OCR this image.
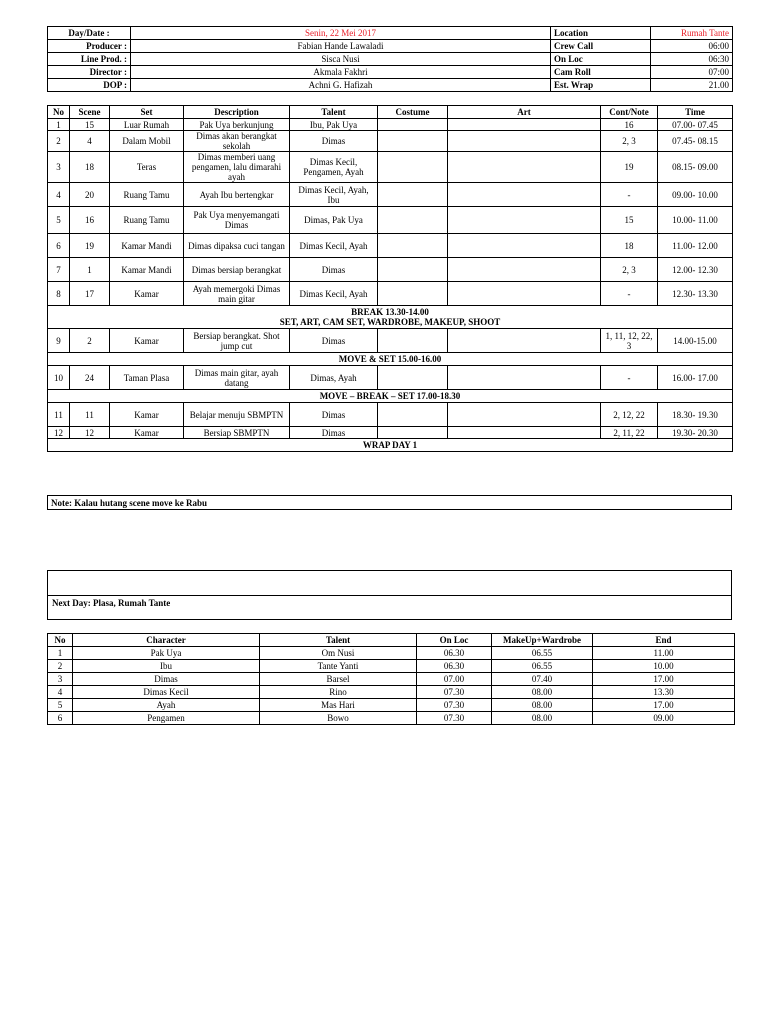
Day/Date :	Senin, 22 Mei 2017	Location	Rumah Tante
Producer :	Fabian Hande Lawaladi	Crew Call	06:00
Line Prod. :	Sisca Nusi	On Loc	06:30
Director :	Akmala Fakhri	Cam Roll	07:00
DOP :	Achni G. Hafizah	Est. Wrap	21.00
No	Scene	Set	Description	Talent	Costume	Art	Cont/Note	Time
1	15	Luar Rumah	Pak Uya berkunjung	Ibu, Pak Uya			16	07.00- 07.45
2	4	Dalam Mobil	Dimas akan berangkat sekolah	Dimas			2, 3	07.45- 08.15
3	18	Teras	Dimas memberi uang pengamen, lalu dimarahi ayah	Dimas Kecil, Pengamen, Ayah			19	08.15- 09.00
4	20	Ruang Tamu	Ayah Ibu bertengkar	Dimas Kecil, Ayah, Ibu			-	09.00- 10.00
5	16	Ruang Tamu	Pak Uya menyemangati Dimas	Dimas, Pak Uya			15	10.00- 11.00
6	19	Kamar Mandi	Dimas dipaksa cuci tangan	Dimas Kecil, Ayah			18	11.00- 12.00
7	1	Kamar Mandi	Dimas bersiap berangkat	Dimas			2, 3	12.00- 12.30
8	17	Kamar	Ayah memergoki Dimas main gitar	Dimas Kecil, Ayah			-	12.30- 13.30

BREAK 13.30-14.00
SET, ART, CAM SET, WARDROBE, MAKEUP, SHOOT								

9	2	Kamar	Bersiap berangkat. Shot jump cut	Dimas			1, 11, 12, 22, 3	14.00-15.00
MOVE & SET 15.00-16.00								
10	24	Taman Plasa	Dimas main gitar, ayah datang	Dimas, Ayah			-	16.00- 17.00
MOVE – BREAK – SET 17.00-18.30								
11	11	Kamar	Belajar menuju SBMPTN	Dimas			2, 12, 22	18.30- 19.30
12	12	Kamar	Bersiap SBMPTN	Dimas			2, 11, 22	19.30- 20.30
WRAP DAY 1								
Note: Kalau hutang scene move ke Rabu
Next Day: Plasa, Rumah Tante
No	Character	Talent	On Loc	MakeUp+Wardrobe	End
1	Pak Uya	Om Nusi	06.30	06.55	11.00
2	Ibu	Tante Yanti	06.30	06.55	10.00
3	Dimas	Barsel	07.00	07.40	17.00
4	Dimas Kecil	Rino	07.30	08.00	13.30
5	Ayah	Mas Hari	07.30	08.00	17.00
6	Pengamen	Bowo	07.30	08.00	09.00
